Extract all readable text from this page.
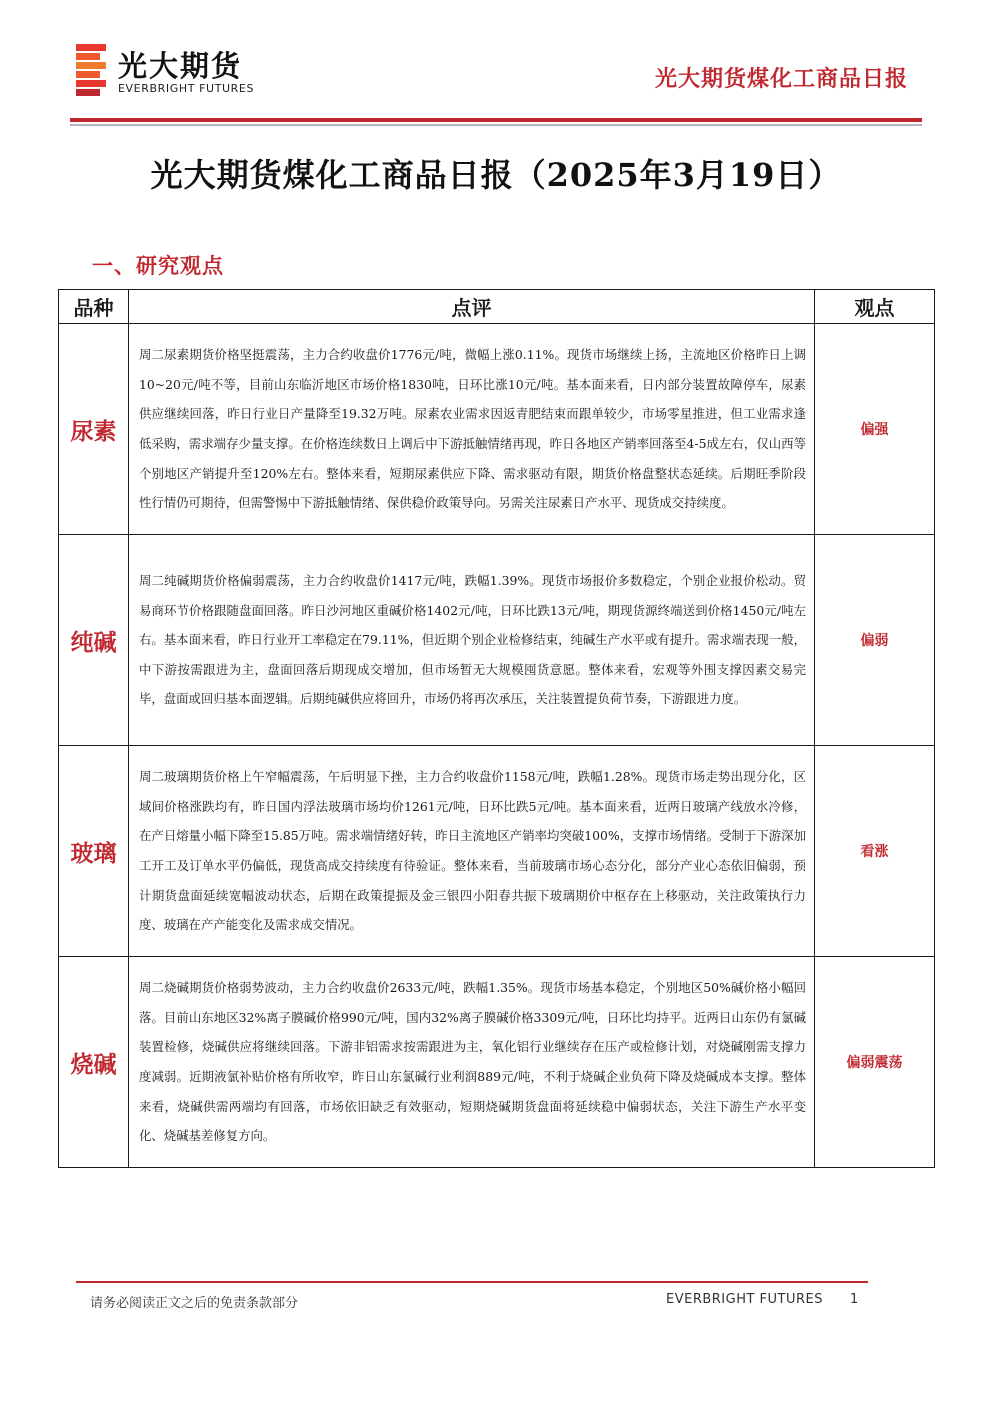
光大期货
EVERBRIGHT FUTURES	光大期货煤化工商品日报
光大期货煤化工商品日报（2025年3月19日）
一、研究观点
品种	点评	观点
尿素	周二尿素期货价格坚挺震荡，主力合约收盘价1776元/吨，微幅上涨0.11%。现货市场继续上扬，主流地区价格昨日上调10~20元/吨不等，目前山东临沂地区市场价格1830吨，日环比涨10元/吨。基本面来看，日内部分装置故障停车，尿素供应继续回落，昨日行业日产量降至19.32万吨。尿素农业需求因返青肥结束而跟单较少，市场零星推进，但工业需求逢低采购，需求端存少量支撑。在价格连续数日上调后中下游抵触情绪再现，昨日各地区产销率回落至4-5成左右，仅山西等个别地区产销提升至120%左右。整体来看，短期尿素供应下降、需求驱动有限，期货价格盘整状态延续。后期旺季阶段性行情仍可期待，但需警惕中下游抵触情绪、保供稳价政策导向。另需关注尿素日产水平、现货成交持续度。	偏强
纯碱	周二纯碱期货价格偏弱震荡，主力合约收盘价1417元/吨，跌幅1.39%。现货市场报价多数稳定，个别企业报价松动。贸易商环节价格跟随盘面回落。昨日沙河地区重碱价格1402元/吨，日环比跌13元/吨，期现货源终端送到价格1450元/吨左右。基本面来看，昨日行业开工率稳定在79.11%，但近期个别企业检修结束，纯碱生产水平或有提升。需求端表现一般，中下游按需跟进为主，盘面回落后期现成交增加，但市场暂无大规模囤货意愿。整体来看，宏观等外围支撑因素交易完毕，盘面或回归基本面逻辑。后期纯碱供应将回升，市场仍将再次承压，关注装置提负荷节奏，下游跟进力度。	偏弱
玻璃	周二玻璃期货价格上午窄幅震荡，午后明显下挫，主力合约收盘价1158元/吨，跌幅1.28%。现货市场走势出现分化，区域间价格涨跌均有，昨日国内浮法玻璃市场均价1261元/吨，日环比跌5元/吨。基本面来看，近两日玻璃产线放水冷修，在产日熔量小幅下降至15.85万吨。需求端情绪好转，昨日主流地区产销率均突破100%，支撑市场情绪。受制于下游深加工开工及订单水平仍偏低，现货高成交持续度有待验证。整体来看，当前玻璃市场心态分化，部分产业心态依旧偏弱，预计期货盘面延续宽幅波动状态，后期在政策提振及金三银四小阳春共振下玻璃期价中枢存在上移驱动，关注政策执行力度、玻璃在产产能变化及需求成交情况。	看涨
烧碱	周二烧碱期货价格弱势波动，主力合约收盘价2633元/吨，跌幅1.35%。现货市场基本稳定，个别地区50%碱价格小幅回落。目前山东地区32%离子膜碱价格990元/吨，国内32%离子膜碱价格3309元/吨，日环比均持平。近两日山东仍有氯碱装置检修，烧碱供应将继续回落。下游非铝需求按需跟进为主，氧化铝行业继续存在压产或检修计划，对烧碱刚需支撑力度减弱。近期液氯补贴价格有所收窄，昨日山东氯碱行业利润889元/吨，不利于烧碱企业负荷下降及烧碱成本支撑。整体来看，烧碱供需两端均有回落，市场依旧缺乏有效驱动，短期烧碱期货盘面将延续稳中偏弱状态，关注下游生产水平变化、烧碱基差修复方向。	偏弱震荡
请务必阅读正文之后的免责条款部分	EVERBRIGHT FUTURES 1
